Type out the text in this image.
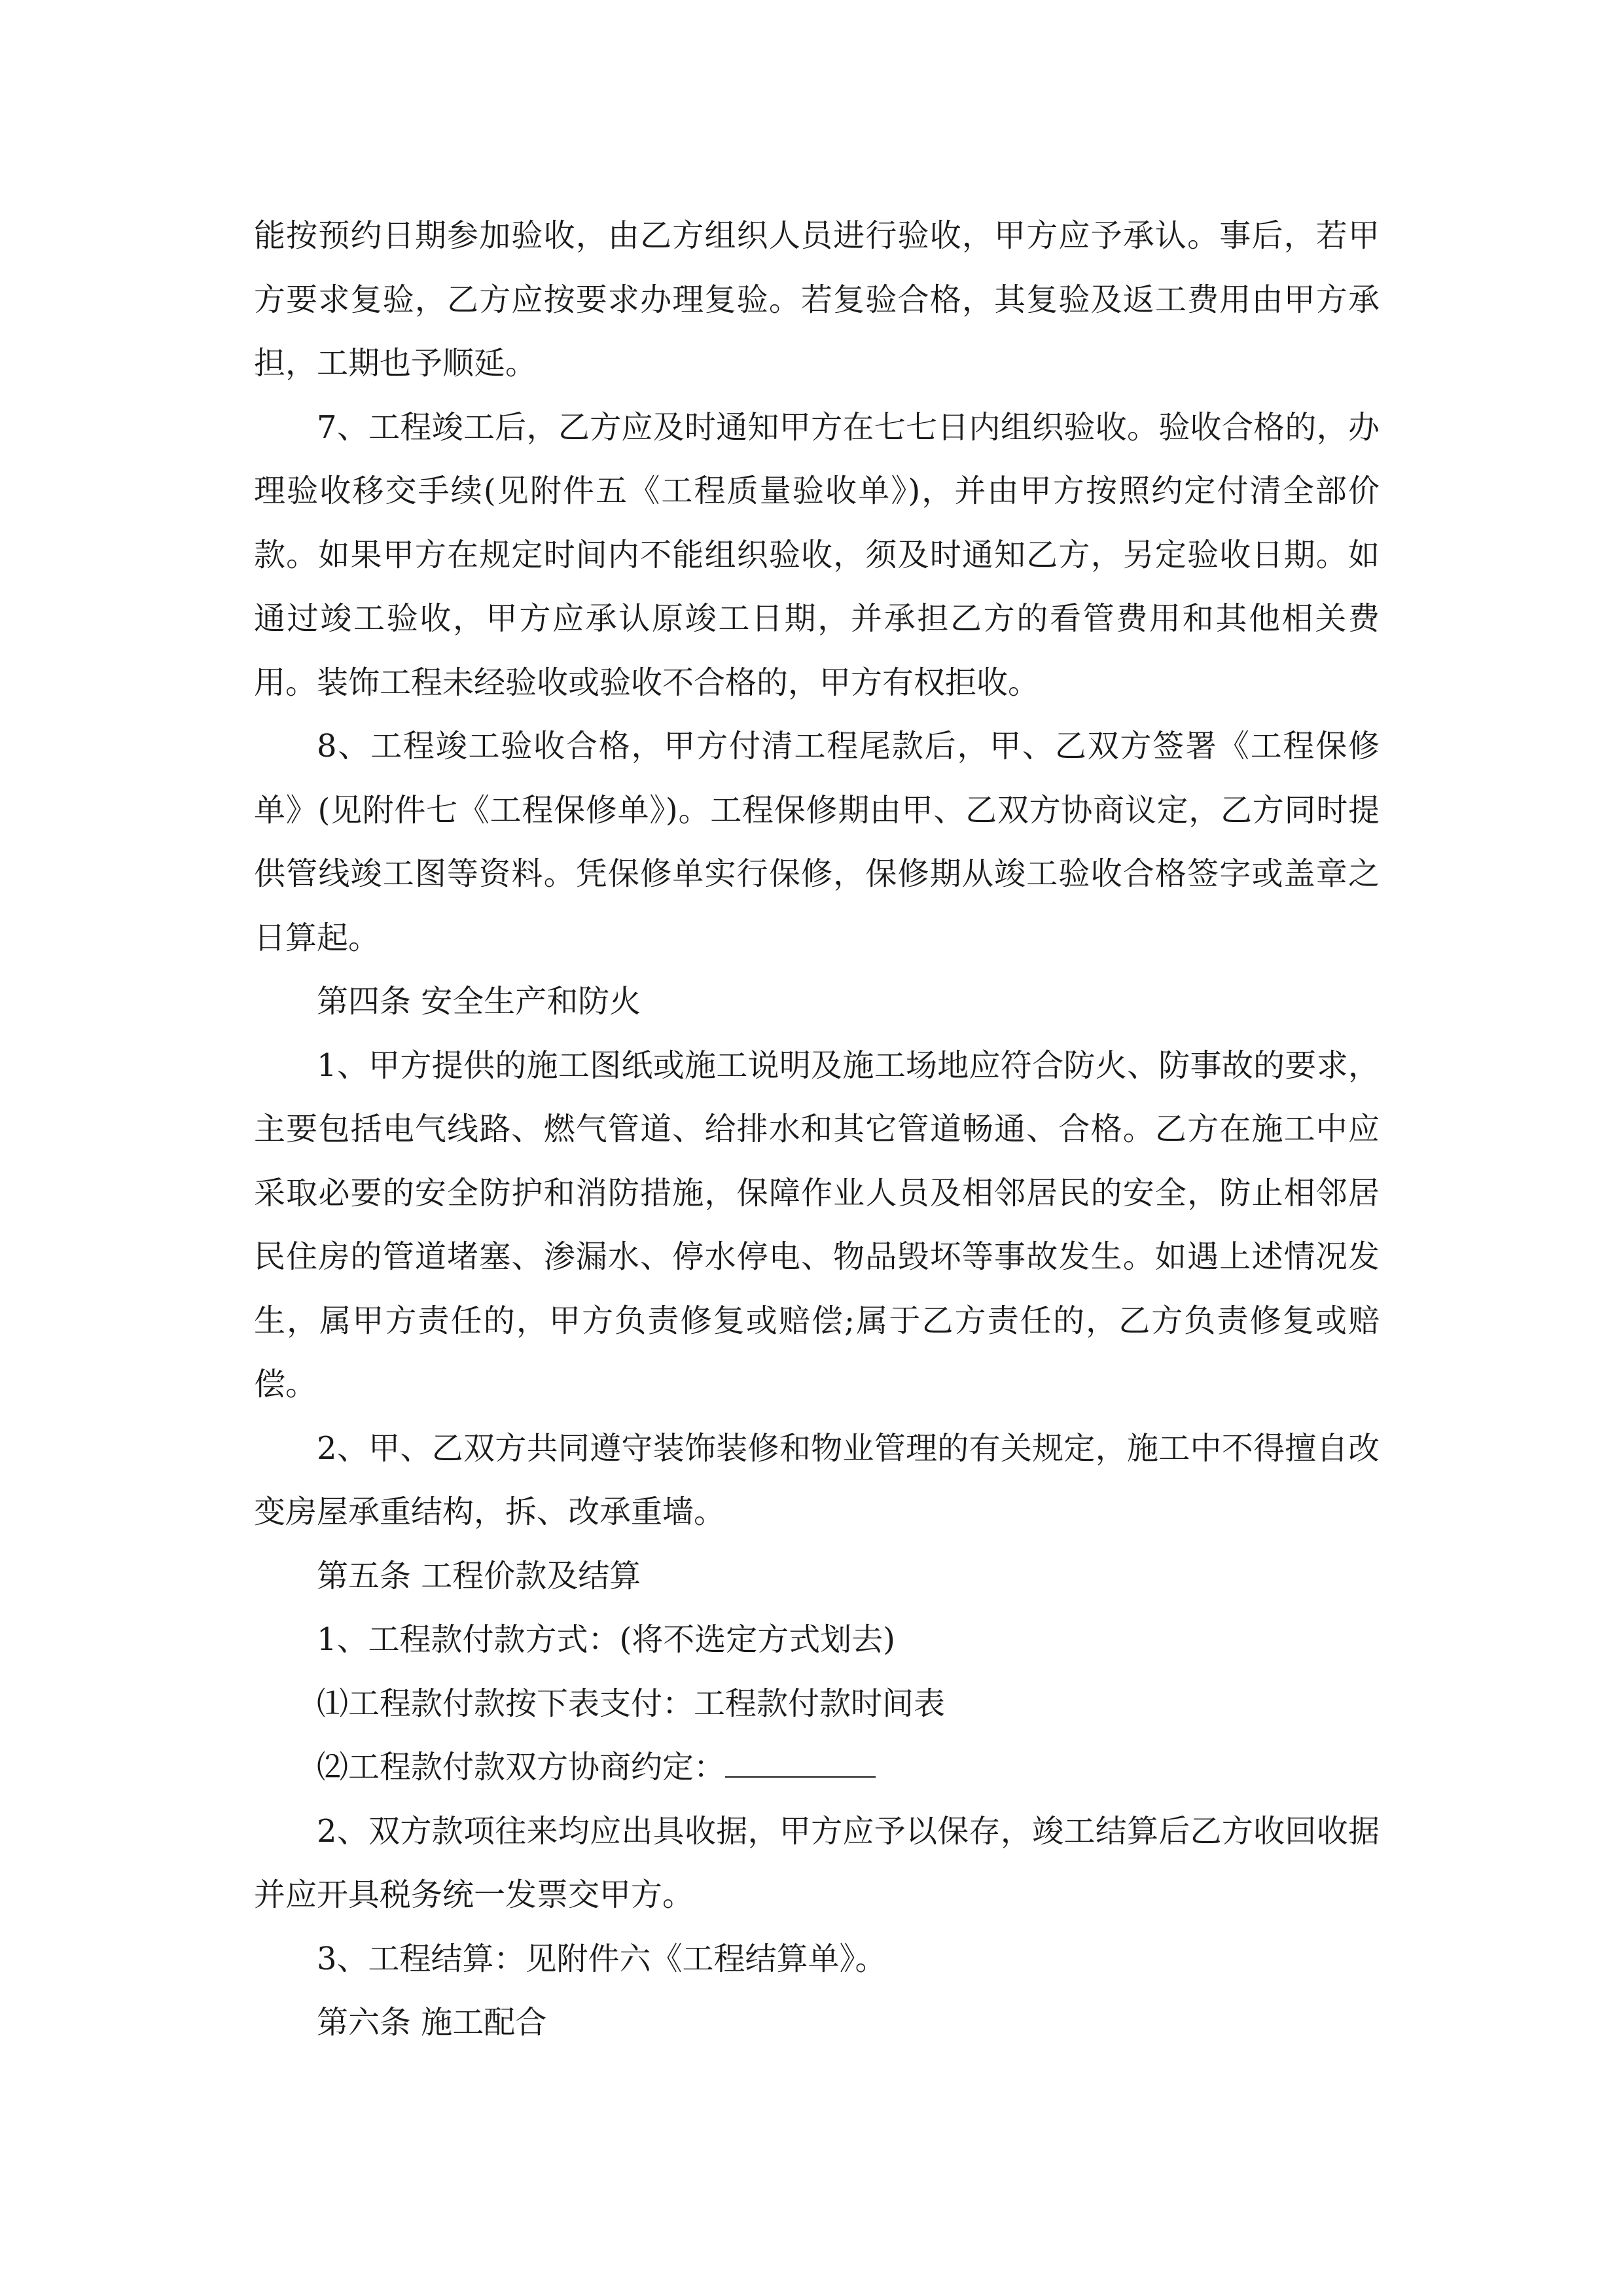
能按预约日期参加验收，由乙方组织人员进行验收，甲方应予承认。事后，若甲方要求复验，乙方应按要求办理复验。若复验合格，其复验及返工费用由甲方承担，工期也予顺延。

7、工程竣工后，乙方应及时通知甲方在七七日内组织验收。验收合格的，办理验收移交手续(见附件五《工程质量验收单》)，并由甲方按照约定付清全部价款。如果甲方在规定时间内不能组织验收，须及时通知乙方，另定验收日期。如通过竣工验收，甲方应承认原竣工日期，并承担乙方的看管费用和其他相关费用。装饰工程未经验收或验收不合格的，甲方有权拒收。

8、工程竣工验收合格，甲方付清工程尾款后，甲、乙双方签署《工程保修单》(见附件七《工程保修单》)。工程保修期由甲、乙双方协商议定，乙方同时提供管线竣工图等资料。凭保修单实行保修，保修期从竣工验收合格签字或盖章之日算起。

第四条 安全生产和防火

1、甲方提供的施工图纸或施工说明及施工场地应符合防火、防事故的要求，主要包括电气线路、燃气管道、给排水和其它管道畅通、合格。乙方在施工中应采取必要的安全防护和消防措施，保障作业人员及相邻居民的安全，防止相邻居民住房的管道堵塞、渗漏水、停水停电、物品毁坏等事故发生。如遇上述情况发生，属甲方责任的，甲方负责修复或赔偿;属于乙方责任的，乙方负责修复或赔偿。

2、甲、乙双方共同遵守装饰装修和物业管理的有关规定，施工中不得擅自改变房屋承重结构，拆、改承重墙。

第五条 工程价款及结算

1、工程款付款方式：(将不选定方式划去)

⑴工程款付款按下表支付：工程款付款时间表

⑵工程款付款双方协商约定：

2、双方款项往来均应出具收据，甲方应予以保存，竣工结算后乙方收回收据并应开具税务统一发票交甲方。

3、工程结算：见附件六《工程结算单》。

第六条 施工配合
